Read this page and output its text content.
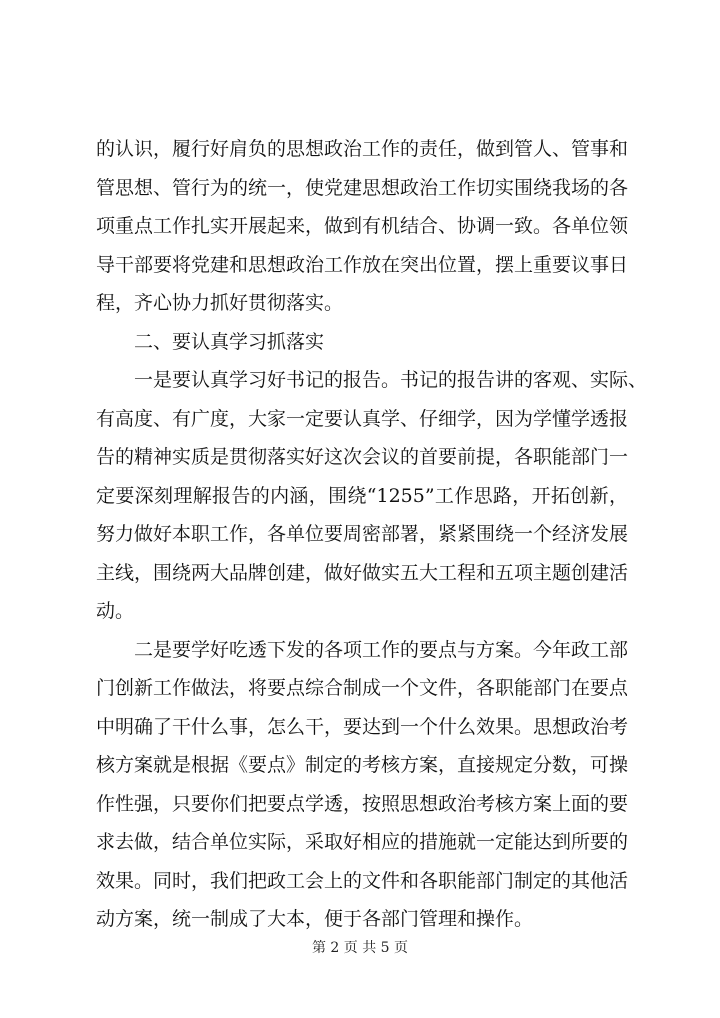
的认识，履行好肩负的思想政治工作的责任，做到管人、管事和
管思想、管行为的统一，使党建思想政治工作切实围绕我场的各
项重点工作扎实开展起来，做到有机结合、协调一致。各单位领
导干部要将党建和思想政治工作放在突出位置，摆上重要议事日
程，齐心协力抓好贯彻落实。
二、要认真学习抓落实
一是要认真学习好书记的报告。书记的报告讲的客观、实际、
有高度、有广度，大家一定要认真学、仔细学，因为学懂学透报
告的精神实质是贯彻落实好这次会议的首要前提，各职能部门一
定要深刻理解报告的内涵，围绕“1255”工作思路，开拓创新，
努力做好本职工作，各单位要周密部署，紧紧围绕一个经济发展
主线，围绕两大品牌创建，做好做实五大工程和五项主题创建活
动。
二是要学好吃透下发的各项工作的要点与方案。今年政工部
门创新工作做法，将要点综合制成一个文件，各职能部门在要点
中明确了干什么事，怎么干，要达到一个什么效果。思想政治考
核方案就是根据《要点》制定的考核方案，直接规定分数，可操
作性强，只要你们把要点学透，按照思想政治考核方案上面的要
求去做，结合单位实际，采取好相应的措施就一定能达到所要的
效果。同时，我们把政工会上的文件和各职能部门制定的其他活
动方案，统一制成了大本，便于各部门管理和操作。
第 2 页 共 5 页
